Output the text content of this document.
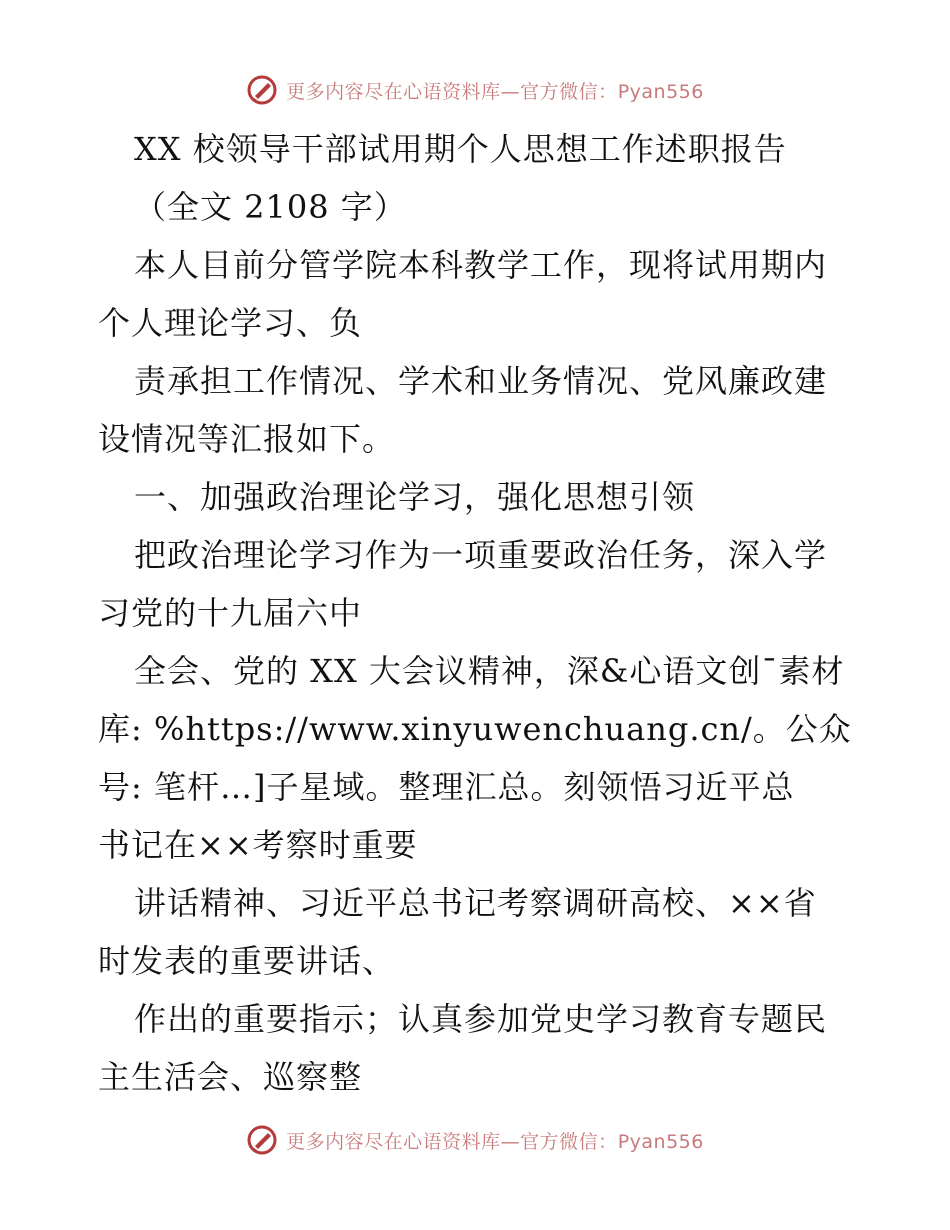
更多内容尽在心语资料库—官方微信：Pyan556
XX 校领导干部试用期个人思想工作述职报告
（全文 2108 字）
本人目前分管学院本科教学工作，现将试用期内
个人理论学习、负
责承担工作情况、学术和业务情况、党风廉政建
设情况等汇报如下。
一、加强政治理论学习，强化思想引领
把政治理论学习作为一项重要政治任务，深入学
习党的十九届六中
全会、党的 XX 大会议精神，深&心语文创¯素材
库: %https://www.xinyuwenchuang.cn/。公众
号: 笔杆…]子星域。整理汇总。刻领悟习近平总
书记在××考察时重要
讲话精神、习近平总书记考察调研高校、××省
时发表的重要讲话、
作出的重要指示；认真参加党史学习教育专题民
主生活会、巡察整
更多内容尽在心语资料库—官方微信：Pyan556
